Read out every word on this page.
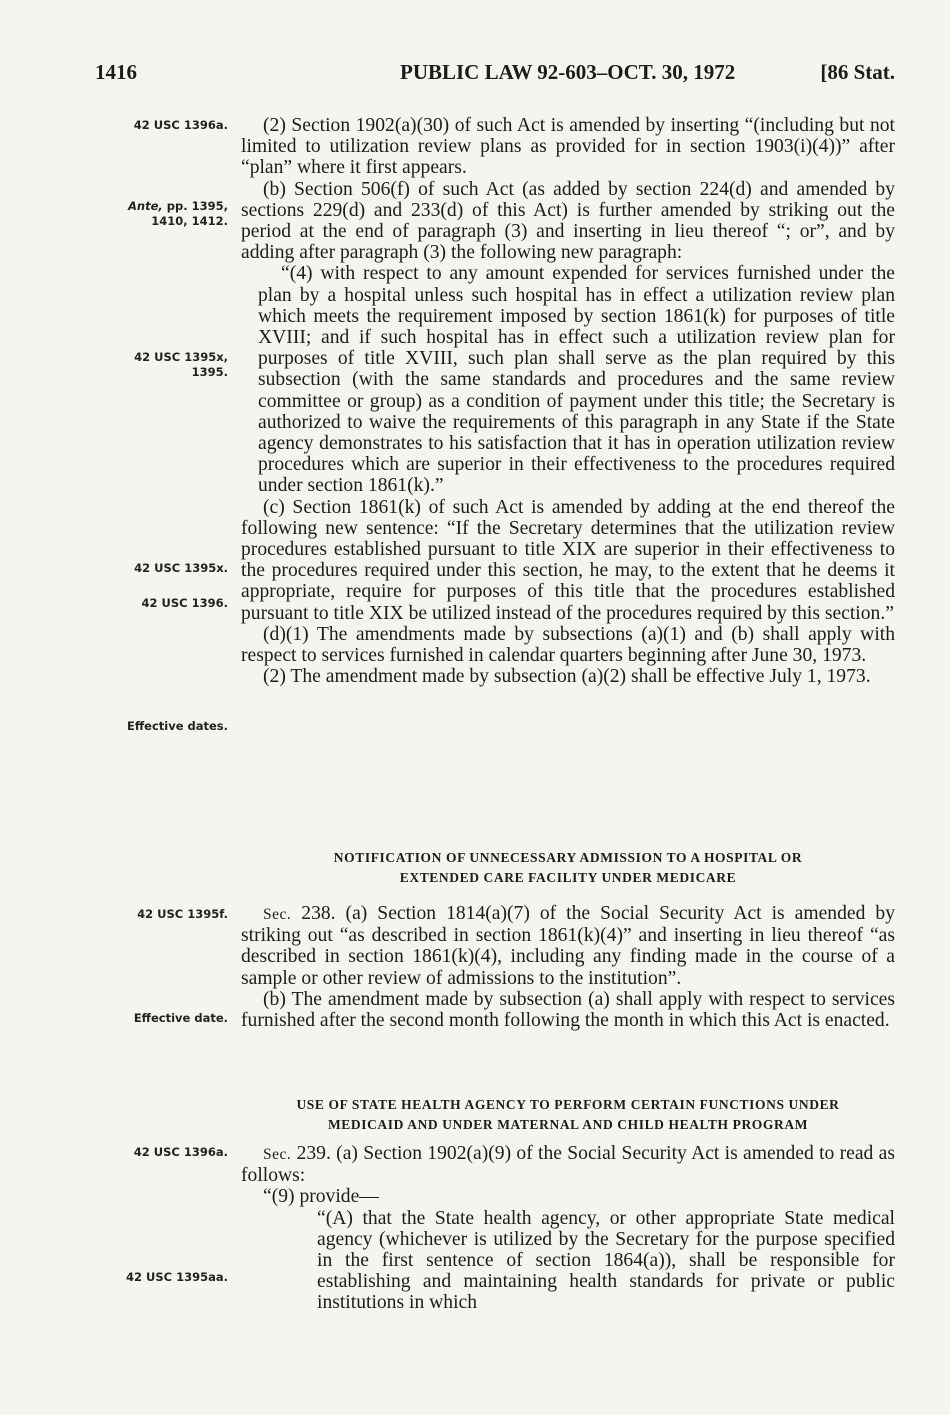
1416	PUBLIC LAW 92-603–OCT. 30, 1972	[86 Stat.
42 USC 1396a.
Ante, pp. 1395,
1410, 1412.
42 USC 1395x,
1395.
42 USC 1395x.
42 USC 1396.
Effective dates.
42 USC 1395f.
Effective date.
42 USC 1396a.
42 USC 1395aa.

(2) Section 1902(a)(30) of such Act is amended by inserting “(including but not limited to utilization review plans as provided for in section 1903(i)(4))” after “plan” where it first appears.

(b) Section 506(f) of such Act (as added by section 224(d) and amended by sections 229(d) and 233(d) of this Act) is further amended by striking out the period at the end of paragraph (3) and inserting in lieu thereof “; or”, and by adding after paragraph (3) the following new paragraph:

“(4) with respect to any amount expended for services furnished under the plan by a hospital unless such hospital has in effect a utilization review plan which meets the requirement imposed by section 1861(k) for purposes of title XVIII; and if such hospital has in effect such a utilization review plan for purposes of title XVIII, such plan shall serve as the plan required by this subsection (with the same standards and procedures and the same review committee or group) as a condition of payment under this title; the Secretary is authorized to waive the requirements of this paragraph in any State if the State agency demonstrates to his satisfaction that it has in operation utilization review procedures which are superior in their effectiveness to the procedures required under section 1861(k).”

(c) Section 1861(k) of such Act is amended by adding at the end thereof the following new sentence: “If the Secretary determines that the utilization review procedures established pursuant to title XIX are superior in their effectiveness to the procedures required under this section, he may, to the extent that he deems it appropriate, require for purposes of this title that the procedures established pursuant to title XIX be utilized instead of the procedures required by this section.”

(d)(1) The amendments made by subsections (a)(1) and (b) shall apply with respect to services furnished in calendar quarters beginning after June 30, 1973.

(2) The amendment made by subsection (a)(2) shall be effective July 1, 1973.

NOTIFICATION OF UNNECESSARY ADMISSION TO A HOSPITAL OR
EXTENDED CARE FACILITY UNDER MEDICARE

Sec. 238. (a) Section 1814(a)(7) of the Social Security Act is amended by striking out “as described in section 1861(k)(4)” and inserting in lieu thereof “as described in section 1861(k)(4), including any finding made in the course of a sample or other review of admissions to the institution”.

(b) The amendment made by subsection (a) shall apply with respect to services furnished after the second month following the month in which this Act is enacted.

USE OF STATE HEALTH AGENCY TO PERFORM CERTAIN FUNCTIONS UNDER
MEDICAID AND UNDER MATERNAL AND CHILD HEALTH PROGRAM

Sec. 239. (a) Section 1902(a)(9) of the Social Security Act is amended to read as follows:

“(9) provide—

“(A) that the State health agency, or other appropriate State medical agency (whichever is utilized by the Secretary for the purpose specified in the first sentence of section 1864(a)), shall be responsible for establishing and maintaining health standards for private or public institutions in which
